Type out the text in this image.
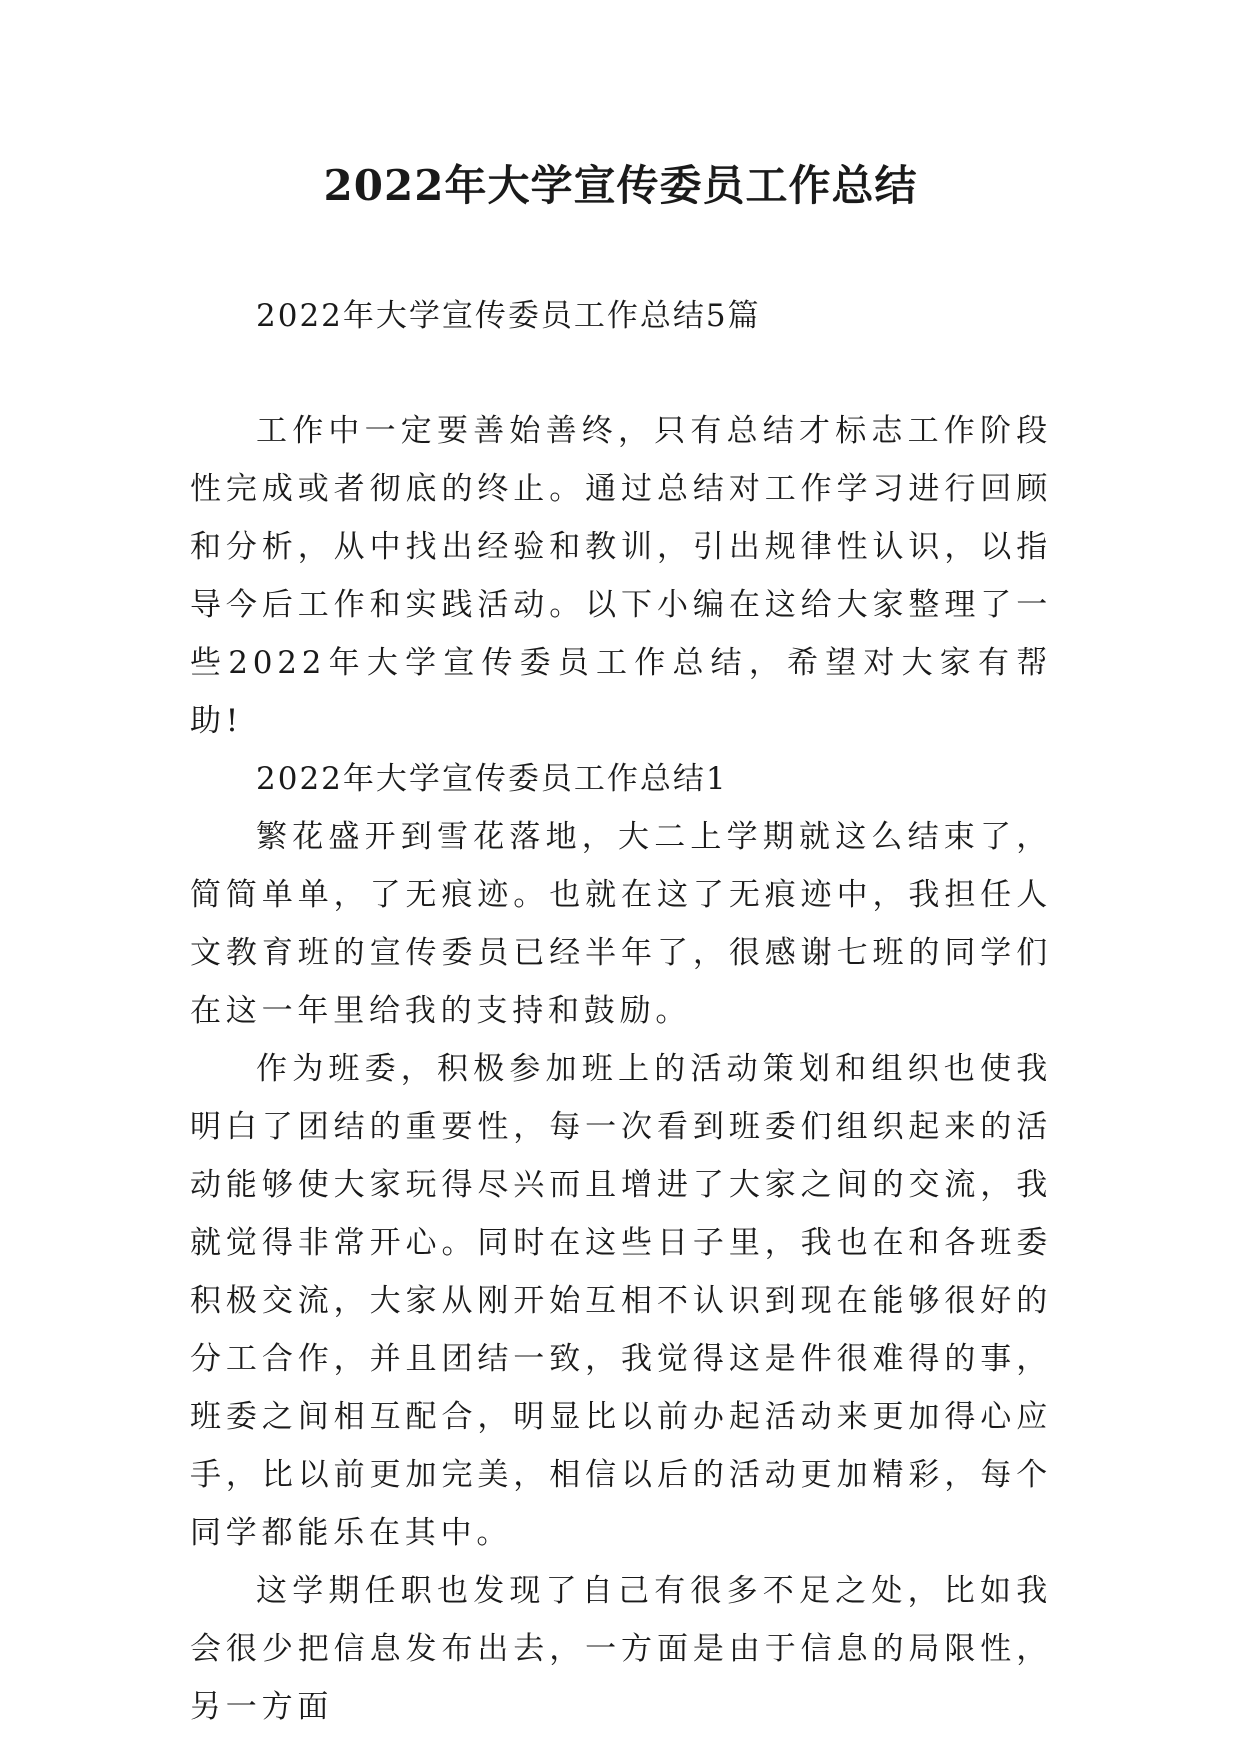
2022年大学宣传委员工作总结

2022年大学宣传委员工作总结5篇

工作中一定要善始善终，只有总结才标志工作阶段性完成或者彻底的终止。通过总结对工作学习进行回顾和分析，从中找出经验和教训，引出规律性认识，以指导今后工作和实践活动。以下小编在这给大家整理了一些2022年大学宣传委员工作总结，希望对大家有帮助!

2022年大学宣传委员工作总结1

繁花盛开到雪花落地，大二上学期就这么结束了，简简单单，了无痕迹。也就在这了无痕迹中，我担任人文教育班的宣传委员已经半年了，很感谢七班的同学们在这一年里给我的支持和鼓励。

作为班委，积极参加班上的活动策划和组织也使我明白了团结的重要性，每一次看到班委们组织起来的活动能够使大家玩得尽兴而且增进了大家之间的交流，我就觉得非常开心。同时在这些日子里，我也在和各班委积极交流，大家从刚开始互相不认识到现在能够很好的分工合作，并且团结一致，我觉得这是件很难得的事，班委之间相互配合，明显比以前办起活动来更加得心应手，比以前更加完美，相信以后的活动更加精彩，每个同学都能乐在其中。

这学期任职也发现了自己有很多不足之处，比如我会很少把信息发布出去，一方面是由于信息的局限性，另一方面
